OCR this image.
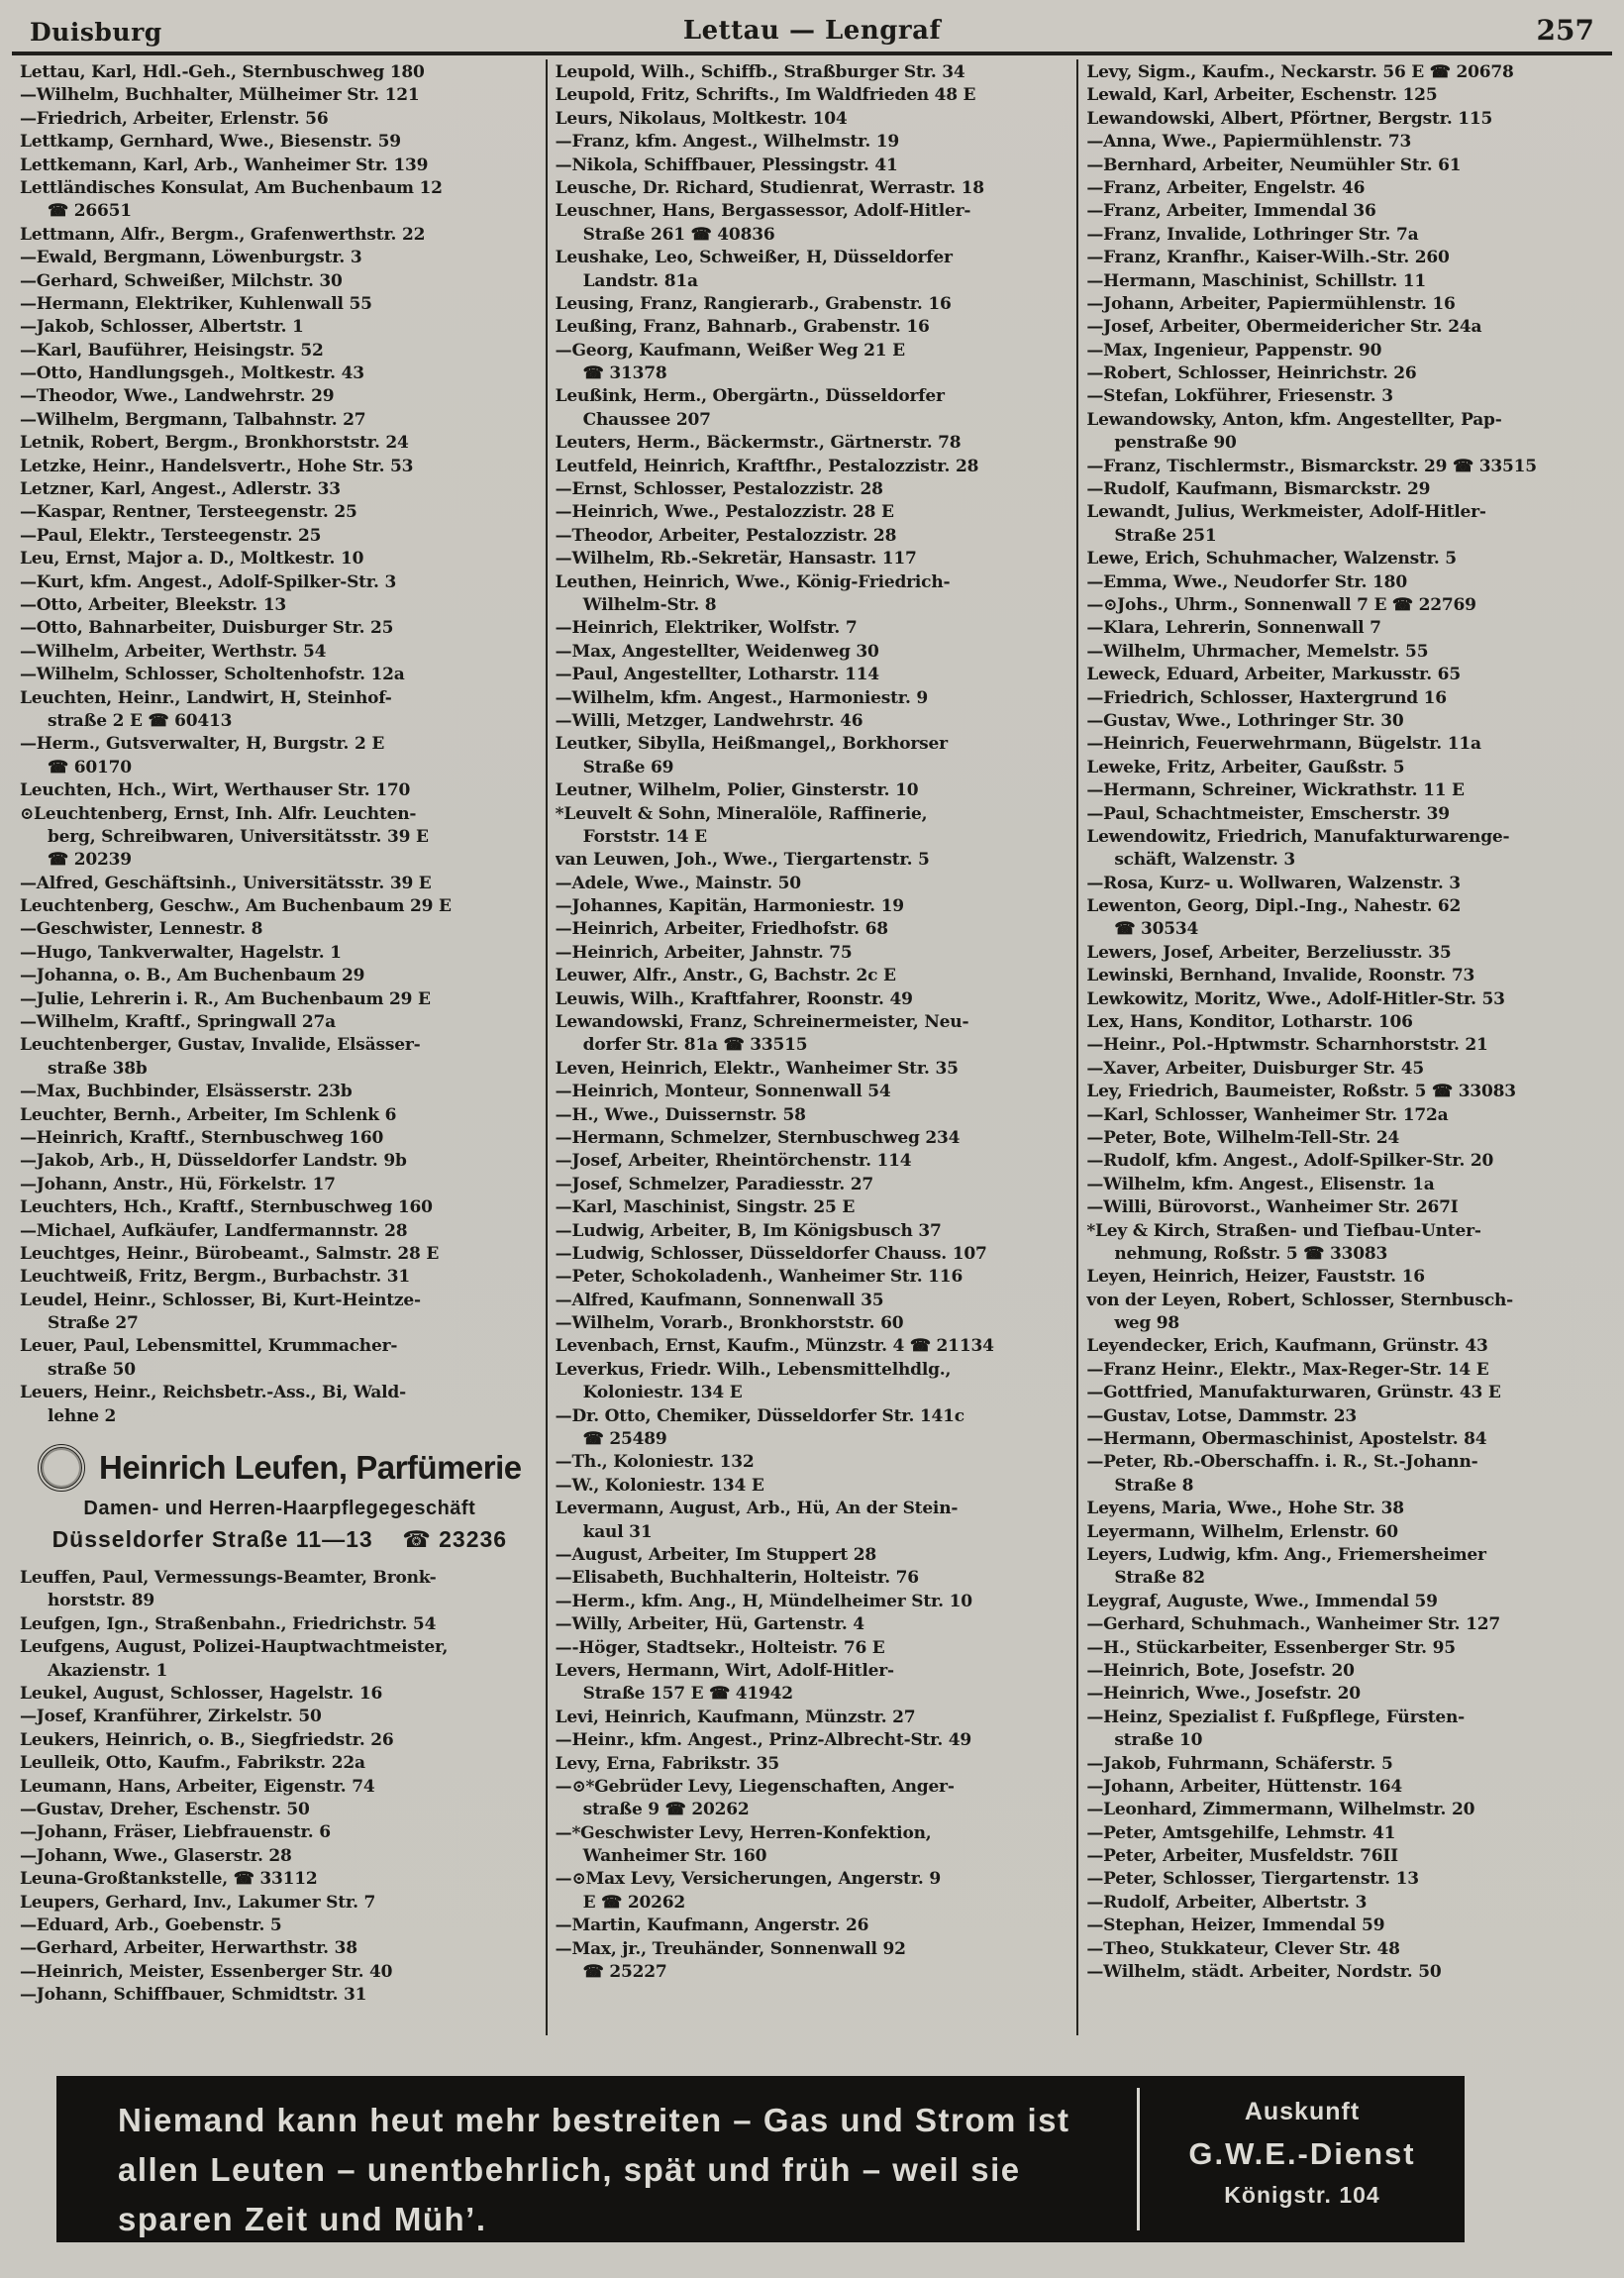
Duisburg	Lettau — Lengraf	257
Lettau, Karl, Hdl.-Geh., Sternbuschweg 180
—Wilhelm, Buchhalter, Mülheimer Str. 121
—Friedrich, Arbeiter, Erlenstr. 56
Lettkamp, Gernhard, Wwe., Biesenstr. 59
Lettkemann, Karl, Arb., Wanheimer Str. 139
Lettländisches Konsulat, Am Buchenbaum 12
☎ 26651
Lettmann, Alfr., Bergm., Grafenwerthstr. 22
—Ewald, Bergmann, Löwenburgstr. 3
—Gerhard, Schweißer, Milchstr. 30
—Hermann, Elektriker, Kuhlenwall 55
—Jakob, Schlosser, Albertstr. 1
—Karl, Bauführer, Heisingstr. 52
—Otto, Handlungsgeh., Moltkestr. 43
—Theodor, Wwe., Landwehrstr. 29
—Wilhelm, Bergmann, Talbahnstr. 27
Letnik, Robert, Bergm., Bronkhorststr. 24
Letzke, Heinr., Handelsvertr., Hohe Str. 53
Letzner, Karl, Angest., Adlerstr. 33
—Kaspar, Rentner, Tersteegenstr. 25
—Paul, Elektr., Tersteegenstr. 25
Leu, Ernst, Major a. D., Moltkestr. 10
—Kurt, kfm. Angest., Adolf-Spilker-Str. 3
—Otto, Arbeiter, Bleekstr. 13
—Otto, Bahnarbeiter, Duisburger Str. 25
—Wilhelm, Arbeiter, Werthstr. 54
—Wilhelm, Schlosser, Scholtenhofstr. 12a
Leuchten, Heinr., Landwirt, H, Steinhof-
straße 2 E ☎ 60413
—Herm., Gutsverwalter, H, Burgstr. 2 E
☎ 60170
Leuchten, Hch., Wirt, Werthauser Str. 170
⊙Leuchtenberg, Ernst, Inh. Alfr. Leuchten-
berg, Schreibwaren, Universitätsstr. 39 E
☎ 20239
—Alfred, Geschäftsinh., Universitätsstr. 39 E
Leuchtenberg, Geschw., Am Buchenbaum 29 E
—Geschwister, Lennestr. 8
—Hugo, Tankverwalter, Hagelstr. 1
—Johanna, o. B., Am Buchenbaum 29
—Julie, Lehrerin i. R., Am Buchenbaum 29 E
—Wilhelm, Kraftf., Springwall 27a
Leuchtenberger, Gustav, Invalide, Elsässer-
straße 38b
—Max, Buchbinder, Elsässerstr. 23b
Leuchter, Bernh., Arbeiter, Im Schlenk 6
—Heinrich, Kraftf., Sternbuschweg 160
—Jakob, Arb., H, Düsseldorfer Landstr. 9b
—Johann, Anstr., Hü, Förkelstr. 17
Leuchters, Hch., Kraftf., Sternbuschweg 160
—Michael, Aufkäufer, Landfermannstr. 28
Leuchtges, Heinr., Bürobeamt., Salmstr. 28 E
Leuchtweiß, Fritz, Bergm., Burbachstr. 31
Leudel, Heinr., Schlosser, Bi, Kurt-Heintze-
Straße 27
Leuer, Paul, Lebensmittel, Krummacher-
straße 50
Leuers, Heinr., Reichsbetr.-Ass., Bi, Wald-
lehne 2
Heinrich Leufen, Parfümerie
Damen- und Herren-Haarpflegegeschäft
Düsseldorfer Straße 11—13 ☎ 23236
Leuffen, Paul, Vermessungs-Beamter, Bronk-
horststr. 89
Leufgen, Ign., Straßenbahn., Friedrichstr. 54
Leufgens, August, Polizei-Hauptwachtmeister,
Akazienstr. 1
Leukel, August, Schlosser, Hagelstr. 16
—Josef, Kranführer, Zirkelstr. 50
Leukers, Heinrich, o. B., Siegfriedstr. 26
Leulleik, Otto, Kaufm., Fabrikstr. 22a
Leumann, Hans, Arbeiter, Eigenstr. 74
—Gustav, Dreher, Eschenstr. 50
—Johann, Fräser, Liebfrauenstr. 6
—Johann, Wwe., Glaserstr. 28
Leuna-Großtankstelle, ☎ 33112
Leupers, Gerhard, Inv., Lakumer Str. 7
—Eduard, Arb., Goebenstr. 5
—Gerhard, Arbeiter, Herwarthstr. 38
—Heinrich, Meister, Essenberger Str. 40
—Johann, Schiffbauer, Schmidtstr. 31
Leupold, Wilh., Schiffb., Straßburger Str. 34
Leupold, Fritz, Schrifts., Im Waldfrieden 48 E
Leurs, Nikolaus, Moltkestr. 104
—Franz, kfm. Angest., Wilhelmstr. 19
—Nikola, Schiffbauer, Plessingstr. 41
Leusche, Dr. Richard, Studienrat, Werrastr. 18
Leuschner, Hans, Bergassessor, Adolf-Hitler-
Straße 261 ☎ 40836
Leushake, Leo, Schweißer, H, Düsseldorfer
Landstr. 81a
Leusing, Franz, Rangierarb., Grabenstr. 16
Leußing, Franz, Bahnarb., Grabenstr. 16
—Georg, Kaufmann, Weißer Weg 21 E
☎ 31378
Leußink, Herm., Obergärtn., Düsseldorfer
Chaussee 207
Leuters, Herm., Bäckermstr., Gärtnerstr. 78
Leutfeld, Heinrich, Kraftfhr., Pestalozzistr. 28
—Ernst, Schlosser, Pestalozzistr. 28
—Heinrich, Wwe., Pestalozzistr. 28 E
—Theodor, Arbeiter, Pestalozzistr. 28
—Wilhelm, Rb.-Sekretär, Hansastr. 117
Leuthen, Heinrich, Wwe., König-Friedrich-
Wilhelm-Str. 8
—Heinrich, Elektriker, Wolfstr. 7
—Max, Angestellter, Weidenweg 30
—Paul, Angestellter, Lotharstr. 114
—Wilhelm, kfm. Angest., Harmoniestr. 9
—Willi, Metzger, Landwehrstr. 46
Leutker, Sibylla, Heißmangel,, Borkhorser
Straße 69
Leutner, Wilhelm, Polier, Ginsterstr. 10
*Leuvelt & Sohn, Mineralöle, Raffinerie,
Forststr. 14 E
van Leuwen, Joh., Wwe., Tiergartenstr. 5
—Adele, Wwe., Mainstr. 50
—Johannes, Kapitän, Harmoniestr. 19
—Heinrich, Arbeiter, Friedhofstr. 68
—Heinrich, Arbeiter, Jahnstr. 75
Leuwer, Alfr., Anstr., G, Bachstr. 2c E
Leuwis, Wilh., Kraftfahrer, Roonstr. 49
Lewandowski, Franz, Schreinermeister, Neu-
dorfer Str. 81a ☎ 33515
Leven, Heinrich, Elektr., Wanheimer Str. 35
—Heinrich, Monteur, Sonnenwall 54
—H., Wwe., Duissernstr. 58
—Hermann, Schmelzer, Sternbuschweg 234
—Josef, Arbeiter, Rheintörchenstr. 114
—Josef, Schmelzer, Paradiesstr. 27
—Karl, Maschinist, Singstr. 25 E
—Ludwig, Arbeiter, B, Im Königsbusch 37
—Ludwig, Schlosser, Düsseldorfer Chauss. 107
—Peter, Schokoladenh., Wanheimer Str. 116
—Alfred, Kaufmann, Sonnenwall 35
—Wilhelm, Vorarb., Bronkhorststr. 60
Levenbach, Ernst, Kaufm., Münzstr. 4 ☎ 21134
Leverkus, Friedr. Wilh., Lebensmittelhdlg.,
Koloniestr. 134 E
—Dr. Otto, Chemiker, Düsseldorfer Str. 141c
☎ 25489
—Th., Koloniestr. 132
—W., Koloniestr. 134 E
Levermann, August, Arb., Hü, An der Stein-
kaul 31
—August, Arbeiter, Im Stuppert 28
—Elisabeth, Buchhalterin, Holteistr. 76
—Herm., kfm. Ang., H, Mündelheimer Str. 10
—Willy, Arbeiter, Hü, Gartenstr. 4
—-Höger, Stadtsekr., Holteistr. 76 E
Levers, Hermann, Wirt, Adolf-Hitler-
Straße 157 E ☎ 41942
Levi, Heinrich, Kaufmann, Münzstr. 27
—Heinr., kfm. Angest., Prinz-Albrecht-Str. 49
Levy, Erna, Fabrikstr. 35
—⊙*Gebrüder Levy, Liegenschaften, Anger-
straße 9 ☎ 20262
—*Geschwister Levy, Herren-Konfektion,
Wanheimer Str. 160
—⊙Max Levy, Versicherungen, Angerstr. 9
E ☎ 20262
—Martin, Kaufmann, Angerstr. 26
—Max, jr., Treuhänder, Sonnenwall 92
☎ 25227
Levy, Sigm., Kaufm., Neckarstr. 56 E ☎ 20678
Lewald, Karl, Arbeiter, Eschenstr. 125
Lewandowski, Albert, Pförtner, Bergstr. 115
—Anna, Wwe., Papiermühlenstr. 73
—Bernhard, Arbeiter, Neumühler Str. 61
—Franz, Arbeiter, Engelstr. 46
—Franz, Arbeiter, Immendal 36
—Franz, Invalide, Lothringer Str. 7a
—Franz, Kranfhr., Kaiser-Wilh.-Str. 260
—Hermann, Maschinist, Schillstr. 11
—Johann, Arbeiter, Papiermühlenstr. 16
—Josef, Arbeiter, Obermeidericher Str. 24a
—Max, Ingenieur, Pappenstr. 90
—Robert, Schlosser, Heinrichstr. 26
—Stefan, Lokführer, Friesenstr. 3
Lewandowsky, Anton, kfm. Angestellter, Pap-
penstraße 90
—Franz, Tischlermstr., Bismarckstr. 29 ☎ 33515
—Rudolf, Kaufmann, Bismarckstr. 29
Lewandt, Julius, Werkmeister, Adolf-Hitler-
Straße 251
Lewe, Erich, Schuhmacher, Walzenstr. 5
—Emma, Wwe., Neudorfer Str. 180
—⊙Johs., Uhrm., Sonnenwall 7 E ☎ 22769
—Klara, Lehrerin, Sonnenwall 7
—Wilhelm, Uhrmacher, Memelstr. 55
Leweck, Eduard, Arbeiter, Markusstr. 65
—Friedrich, Schlosser, Haxtergrund 16
—Gustav, Wwe., Lothringer Str. 30
—Heinrich, Feuerwehrmann, Bügelstr. 11a
Leweke, Fritz, Arbeiter, Gaußstr. 5
—Hermann, Schreiner, Wickrathstr. 11 E
—Paul, Schachtmeister, Emscherstr. 39
Lewendowitz, Friedrich, Manufakturwarenge-
schäft, Walzenstr. 3
—Rosa, Kurz- u. Wollwaren, Walzenstr. 3
Lewenton, Georg, Dipl.-Ing., Nahestr. 62
☎ 30534
Lewers, Josef, Arbeiter, Berzeliusstr. 35
Lewinski, Bernhand, Invalide, Roonstr. 73
Lewkowitz, Moritz, Wwe., Adolf-Hitler-Str. 53
Lex, Hans, Konditor, Lotharstr. 106
—Heinr., Pol.-Hptwmstr. Scharnhorststr. 21
—Xaver, Arbeiter, Duisburger Str. 45
Ley, Friedrich, Baumeister, Roßstr. 5 ☎ 33083
—Karl, Schlosser, Wanheimer Str. 172a
—Peter, Bote, Wilhelm-Tell-Str. 24
—Rudolf, kfm. Angest., Adolf-Spilker-Str. 20
—Wilhelm, kfm. Angest., Elisenstr. 1a
—Willi, Bürovorst., Wanheimer Str. 267I
*Ley & Kirch, Straßen- und Tiefbau-Unter-
nehmung, Roßstr. 5 ☎ 33083
Leyen, Heinrich, Heizer, Fauststr. 16
von der Leyen, Robert, Schlosser, Sternbusch-
weg 98
Leyendecker, Erich, Kaufmann, Grünstr. 43
—Franz Heinr., Elektr., Max-Reger-Str. 14 E
—Gottfried, Manufakturwaren, Grünstr. 43 E
—Gustav, Lotse, Dammstr. 23
—Hermann, Obermaschinist, Apostelstr. 84
—Peter, Rb.-Oberschaffn. i. R., St.-Johann-
Straße 8
Leyens, Maria, Wwe., Hohe Str. 38
Leyermann, Wilhelm, Erlenstr. 60
Leyers, Ludwig, kfm. Ang., Friemersheimer
Straße 82
Leygraf, Auguste, Wwe., Immendal 59
—Gerhard, Schuhmach., Wanheimer Str. 127
—H., Stückarbeiter, Essenberger Str. 95
—Heinrich, Bote, Josefstr. 20
—Heinrich, Wwe., Josefstr. 20
—Heinz, Spezialist f. Fußpflege, Fürsten-
straße 10
—Jakob, Fuhrmann, Schäferstr. 5
—Johann, Arbeiter, Hüttenstr. 164
—Leonhard, Zimmermann, Wilhelmstr. 20
—Peter, Amtsgehilfe, Lehmstr. 41
—Peter, Arbeiter, Musfeldstr. 76II
—Peter, Schlosser, Tiergartenstr. 13
—Rudolf, Arbeiter, Albertstr. 3
—Stephan, Heizer, Immendal 59
—Theo, Stukkateur, Clever Str. 48
—Wilhelm, städt. Arbeiter, Nordstr. 50
Niemand kann heut mehr bestreiten – Gas und Strom ist
allen Leuten – unentbehrlich, spät und früh – weil sie
sparen Zeit und Müh’.
Auskunft
G.W.E.-Dienst
Königstr. 104
